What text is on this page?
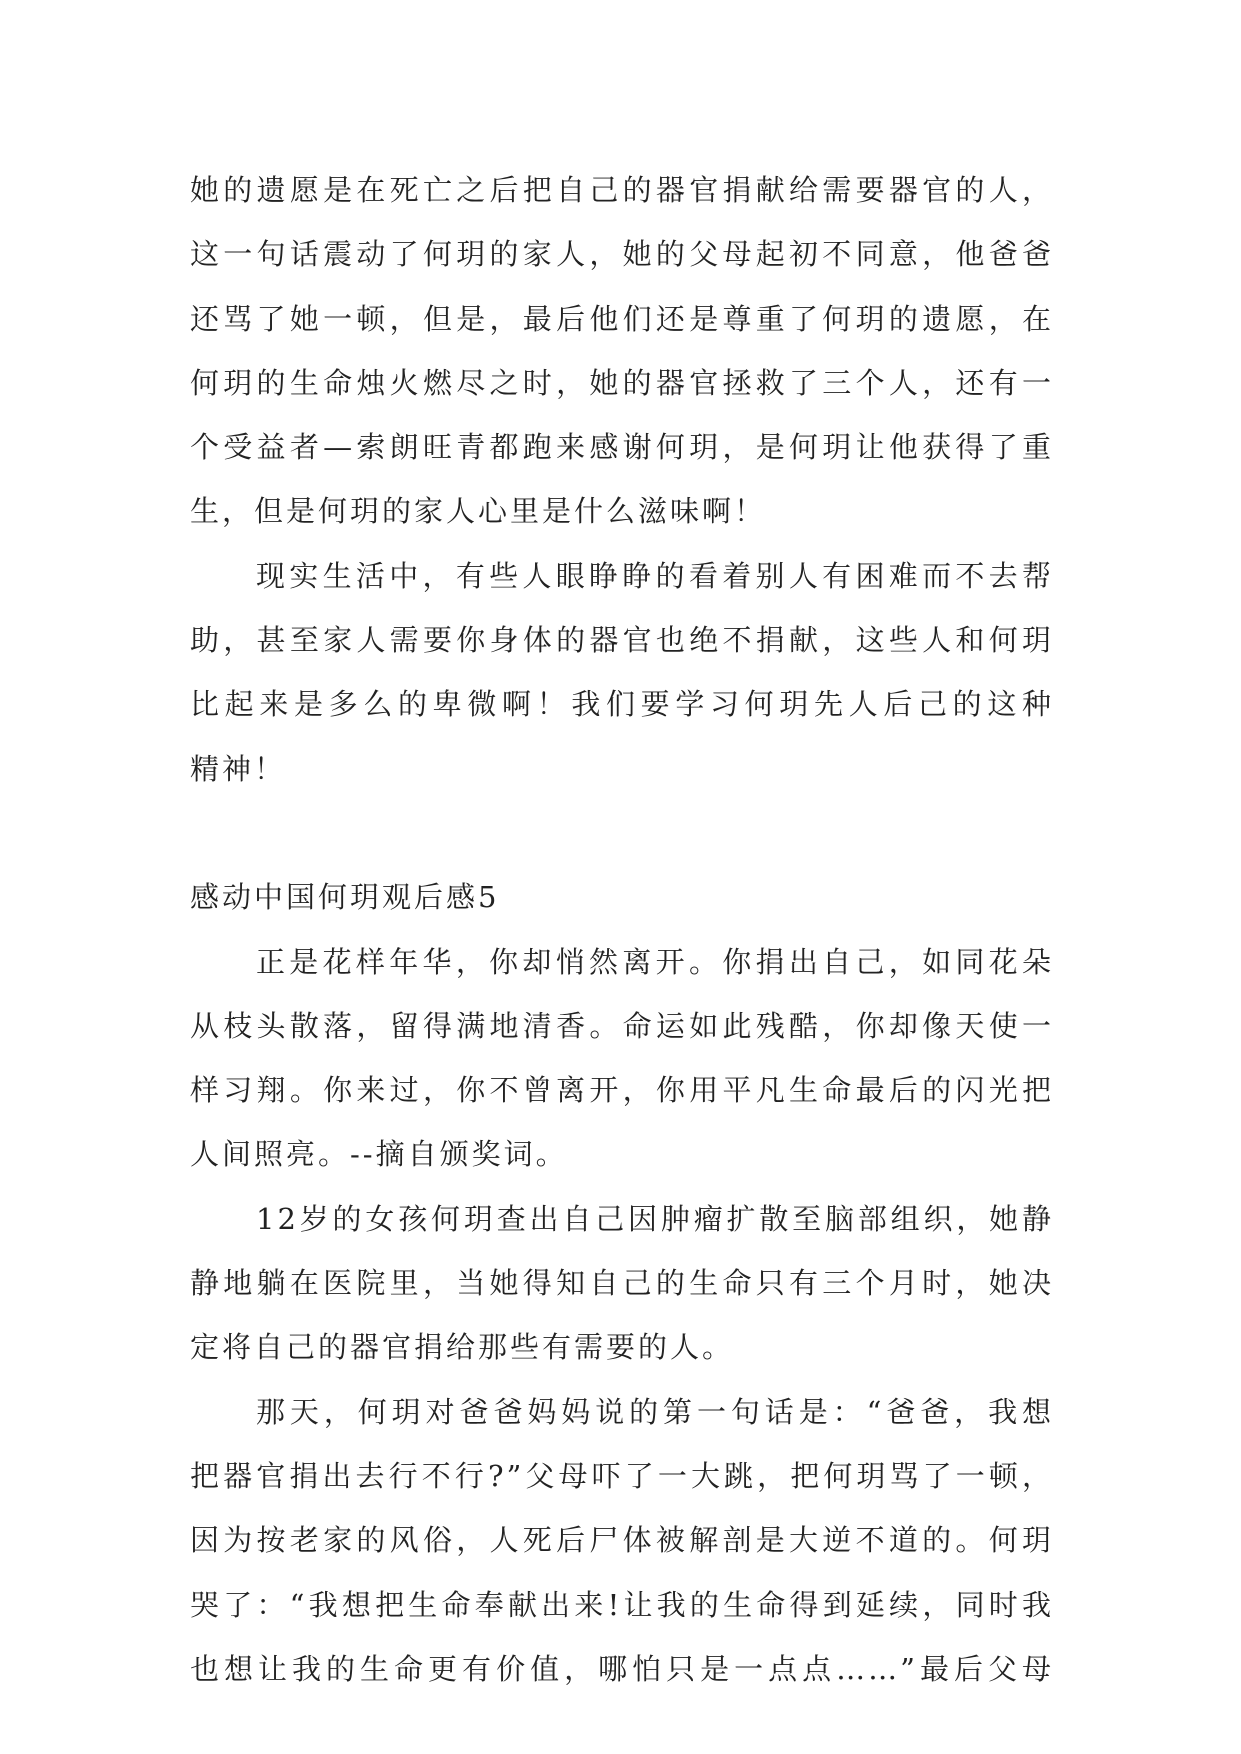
她的遗愿是在死亡之后把自己的器官捐献给需要器官的人，
这一句话震动了何玥的家人，她的父母起初不同意，他爸爸
还骂了她一顿，但是，最后他们还是尊重了何玥的遗愿，在
何玥的生命烛火燃尽之时，她的器官拯救了三个人，还有一
个受益者—索朗旺青都跑来感谢何玥，是何玥让他获得了重
生，但是何玥的家人心里是什么滋味啊！
现实生活中，有些人眼睁睁的看着别人有困难而不去帮
助，甚至家人需要你身体的器官也绝不捐献，这些人和何玥
比起来是多么的卑微啊！我们要学习何玥先人后己的这种
精神！
感动中国何玥观后感5
正是花样年华，你却悄然离开。你捐出自己，如同花朵
从枝头散落，留得满地清香。命运如此残酷，你却像天使一
样习翔。你来过，你不曾离开，你用平凡生命最后的闪光把
人间照亮。--摘自颁奖词。
12岁的女孩何玥查出自己因肿瘤扩散至脑部组织，她静
静地躺在医院里，当她得知自己的生命只有三个月时，她决
定将自己的器官捐给那些有需要的人。
那天，何玥对爸爸妈妈说的第一句话是：“爸爸，我想
把器官捐出去行不行?”父母吓了一大跳，把何玥骂了一顿，
因为按老家的风俗，人死后尸体被解剖是大逆不道的。何玥
哭了：“我想把生命奉献出来!让我的生命得到延续，同时我
也想让我的生命更有价值，哪怕只是一点点……”最后父母
